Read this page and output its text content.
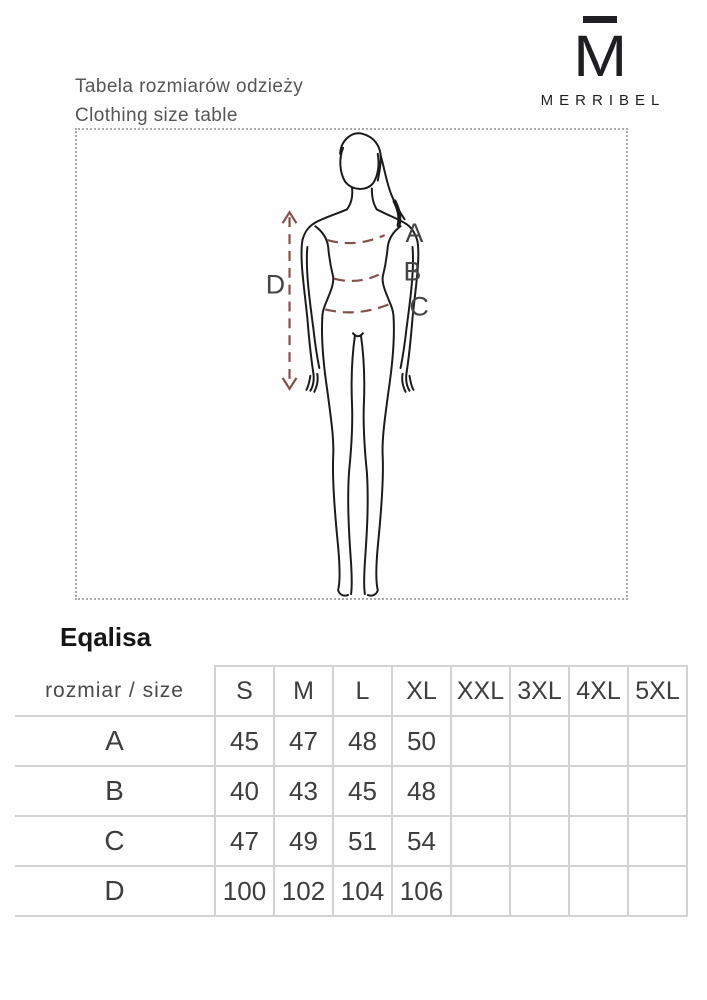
Tabela rozmiarów odzieży
Clothing size table
M
MERRIBEL
A
B
C
D
Eqalisa
rozmiar / size	S	M	L	XL	XXL	3XL	4XL	5XL
A	45	47	48	50				
B	40	43	45	48				
C	47	49	51	54				
D	100	102	104	106				
